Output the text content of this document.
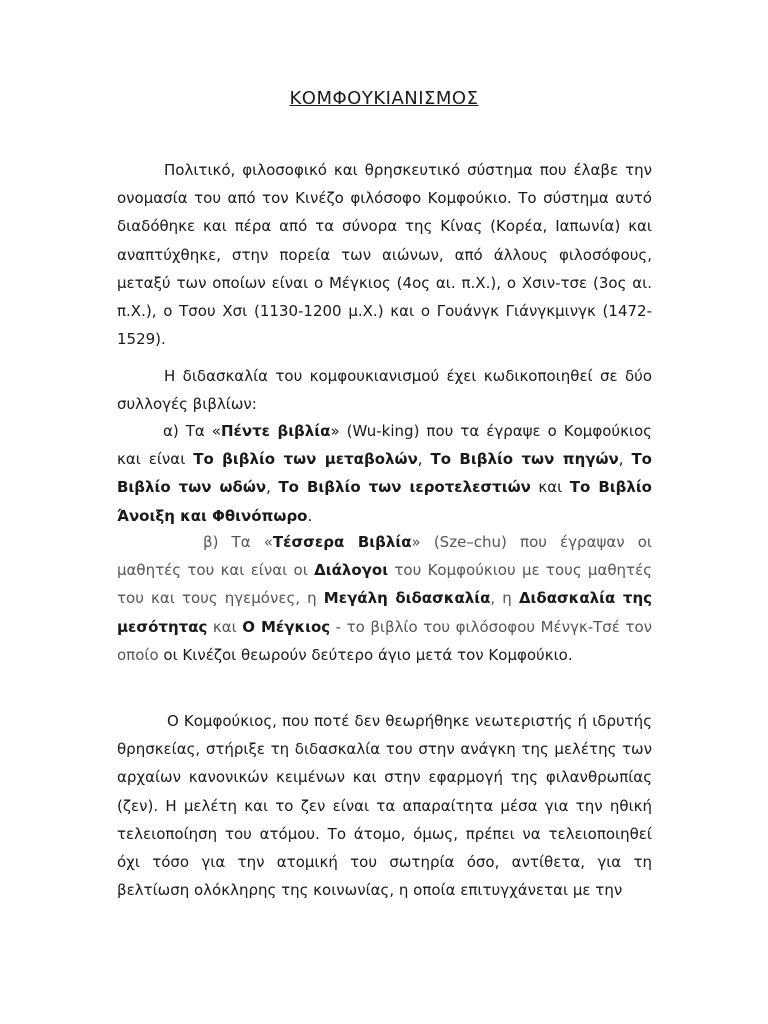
ΚΟΜΦΟΥΚΙΑΝΙΣΜΟΣ

Πολιτικό, φιλοσοφικό και θρησκευτικό σύστημα που έλαβε την ονομασία του από τον Κινέζο φιλόσοφο Κομφούκιο. Το σύστημα αυτό διαδόθηκε και πέρα από τα σύνορα της Κίνας (Κορέα, Ιαπωνία) και αναπτύχθηκε, στην πορεία των αιώνων, από άλλους φιλοσόφους, μεταξύ των οποίων είναι ο Μέγκιος (4ος αι. π.Χ.), ο Χσιν-τσε (3ος αι. π.Χ.), ο Τσου Χσι (1130-1200 μ.Χ.) και ο Γουάνγκ Γιάνγκμινγκ (1472-1529).

Η διδασκαλία του κομφουκιανισμού έχει κωδικοποιηθεί σε δύο συλλογές βιβλίων:

α) Τα «Πέντε βιβλία» (Wu-king) που τα έγραψε ο Κομφούκιος και είναι Το βιβλίο των μεταβολών, Το Βιβλίο των πηγών, Το Βιβλίο των ωδών, Το Βιβλίο των ιεροτελεστιών και Το Βιβλίο Άνοιξη και Φθινόπωρο.

β) Τα «Τέσσερα Βιβλία» (Sze–chu) που έγραψαν οι μαθητές του και είναι οι Διάλογοι του Κομφούκιου με τους μαθητές του και τους ηγεμόνες, η Μεγάλη διδασκαλία, η Διδασκαλία της μεσότητας και Ο Μέγκιος - το βιβλίο του φιλόσοφου Μένγκ-Τσέ τον οποίο οι Κινέζοι θεωρούν δεύτερο άγιο μετά τον Κομφούκιο.

Ο Κομφούκιος, που ποτέ δεν θεωρήθηκε νεωτεριστής ή ιδρυτής θρησκείας, στήριξε τη διδασκαλία του στην ανάγκη της μελέτης των αρχαίων κανονικών κειμένων και στην εφαρμογή της φιλανθρωπίας (ζεν). Η μελέτη και το ζεν είναι τα απαραίτητα μέσα για την ηθική τελειοποίηση του ατόμου. Το άτομο, όμως, πρέπει να τελειοποιηθεί όχι τόσο για την ατομική του σωτηρία όσο, αντίθετα, για τη βελτίωση ολόκληρης της κοινωνίας, η οποία επιτυγχάνεται με την
